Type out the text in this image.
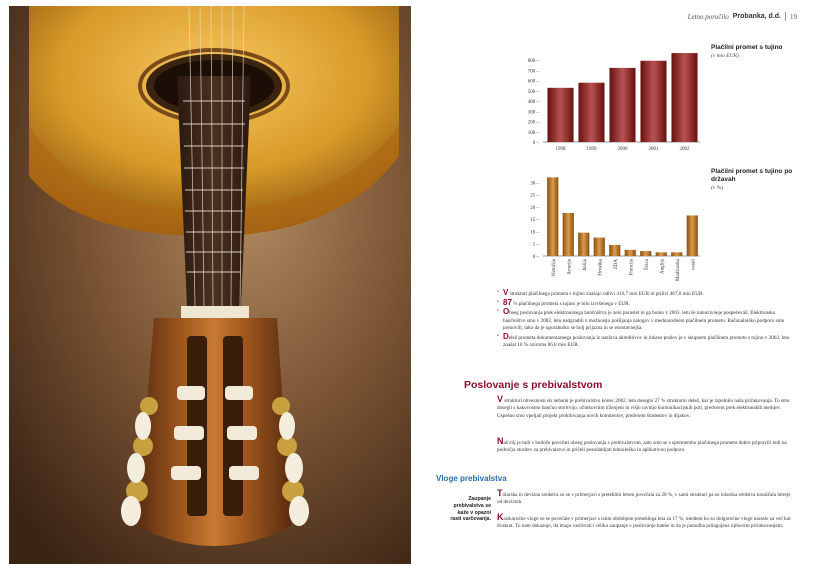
Letno poročilo Probanka, d.d. 19
0 –
100 –
200 –
300 –
400 –
500 –
600 –
700 –
800 –
1998	1999	2000	2001	2002
Plačilni promet s tujino
(v mio EUR)
0 –
5 –
10 –
15 –
20 –
25 –
30 –
Nemčija Avstrija Italija Hrvaška ZDA Francija Švica Anglija Madžarska ostali
Plačilni promet s tujino po državah
(v %)
• V strukturi plačilnega prometa s tujino znašajo odlivi 416,7 mio EUR in prilivi 467,0 mio EUR.
• 87 % plačilnega prometa s tujino je bilo izvršenega v EUR.
• Obseg poslovanja prek elektronskega bančništva je zelo porastel in ga bomo v 2003. letu še intenzivneje pospeševali. Elektronsko bančništvo smo v 2002. letu nadgradili z možnostjo pošiljanja nalogov v mednarodnem plačilnem prometu. Računalniško podporo smo prenovili, tako da je uporabniku se bolj prijazna in se enostavnejša.
• Delež prometa dokumentarnega poslovanja iz naslova akreditivov in inkaso poslov je v skupnem plačilnem prometu s tujino v 2002. letu znašal 10 % oziroma 86,8 mio EUR.
Poslovanje s prebivalstvom
V strukturi obveznosti do nebank je prebivalstvo konec 2002. leta doseglo 27 % strukturni delež, kar je izpolnilo naša pričakovanja. To smo dosegli s kakovostno bančno storitvijo, učinkovitim trženjem in višjo ravnijo komunikacijskih poti, predvsem prek elektronskih medijev. Uspešno smo vpeljali projekt pridobivanja novih komitentov, predvsem študentov in dijakov.
Naš cilj je tudi v bodoče povečati obseg poslovanja s prebivalstvom, zato smo se s spremembo plačilnega prometa dobro pripravili tudi na področju storitev za prebivalstvo in pričeli posodabljati tehnološko in aplikativno podporo.
Vloge prebivalstva
Zaupanje prebivalstva se kaže v opazni rasti varčevanja.
Tolarska in devizna sredstva so se v primerjavi s preteklim letom povečala za 28 %, v sami strukturi pa so tolarska sredstva naraščala hitreje od deviznih.
Kratkoročne vloge so se povečale v primerjavi s istim obdobjem preteklega leta za 17 %, medtem ko so dolgoročne vloge narasle za več kot dvakrat. To nam dokazuje, da imajo varčevalci veliko zaupanje v poslovanje banke in da je ponudba prilagojena njihovim pričakovanjem.
